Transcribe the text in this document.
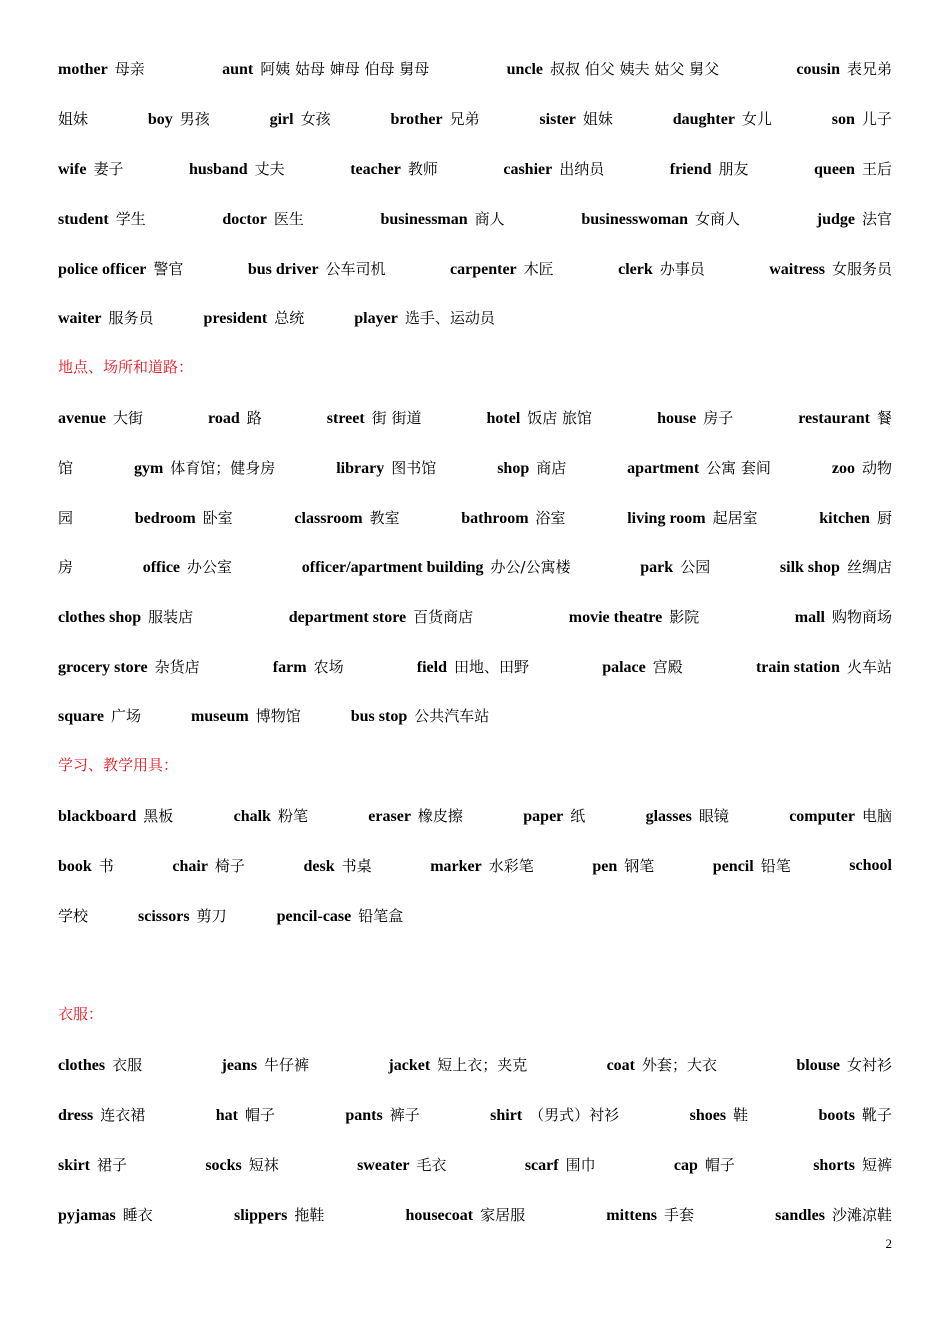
mother 母亲	aunt 阿姨 姑母 婶母 伯母 舅母	uncle 叔叔 伯父 姨夫 姑父 舅父	cousin 表兄弟
姐妹	boy 男孩	girl 女孩	brother 兄弟	sister 姐妹	daughter 女儿	son 儿子
wife 妻子	husband 丈夫	teacher 教师	cashier 出纳员	friend 朋友	queen 王后
student 学生	doctor 医生	businessman 商人	businesswoman 女商人	judge 法官
police officer 警官	bus driver 公车司机	carpenter 木匠	clerk 办事员	waitress 女服务员
waiter 服务员	president 总统	player 选手、运动员
地点、场所和道路：
avenue 大街	road 路	street 街 街道	hotel 饭店 旅馆	house 房子	restaurant 餐
馆	gym 体育馆；健身房	library 图书馆	shop 商店	apartment 公寓 套间	zoo 动物
园	bedroom 卧室	classroom 教室	bathroom 浴室	living room 起居室	kitchen 厨
房	office 办公室	officer/apartment building 办公/公寓楼	park 公园	silk shop 丝绸店
clothes shop 服装店	department store 百货商店	movie theatre 影院	mall 购物商场
grocery store 杂货店	farm 农场	field 田地、田野	palace 宫殿	train station 火车站
square 广场	museum 博物馆	bus stop 公共汽车站
学习、教学用具：
blackboard 黑板	chalk 粉笔	eraser 橡皮擦	paper 纸	glasses 眼镜	computer 电脑
book 书	chair 椅子	desk 书桌	marker 水彩笔	pen 钢笔	pencil 铅笔	school
学校	scissors 剪刀	pencil-case 铅笔盒
衣服：
clothes 衣服	jeans 牛仔裤	jacket 短上衣；夹克	coat 外套；大衣	blouse 女衬衫
dress 连衣裙	hat 帽子	pants 裤子	shirt （男式）衬衫	shoes 鞋	boots 靴子
skirt 裙子	socks 短袜	sweater 毛衣	scarf 围巾	cap 帽子	shorts 短裤
pyjamas 睡衣	slippers 拖鞋	housecoat 家居服	mittens 手套	sandles 沙滩凉鞋
2
